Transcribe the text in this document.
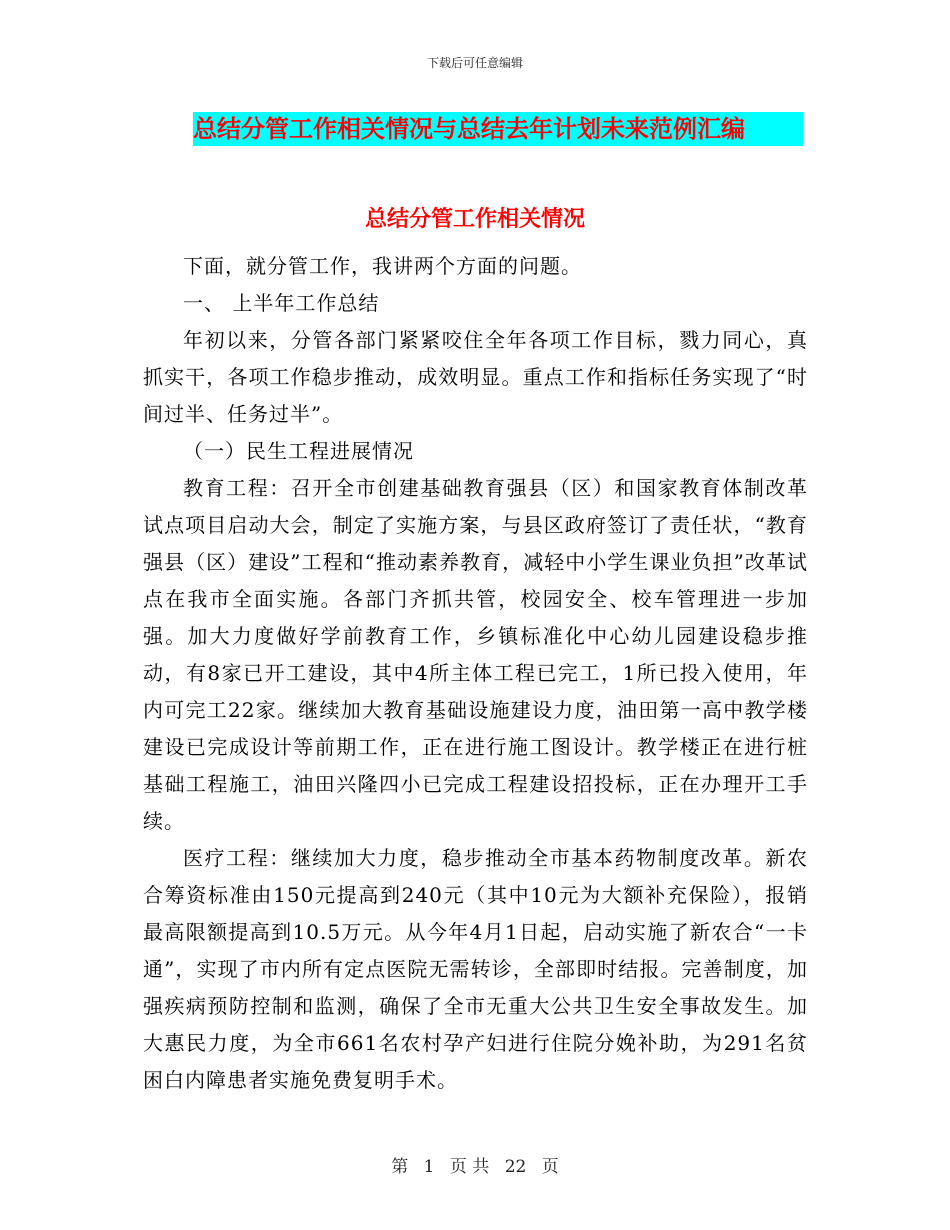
下载后可任意编辑
总结分管工作相关情况与总结去年计划未来范例汇编
总结分管工作相关情况

下面，就分管工作，我讲两个方面的问题。

一、 上半年工作总结

年初以来，分管各部门紧紧咬住全年各项工作目标，戮力同心，真抓实干，各项工作稳步推动，成效明显。重点工作和指标任务实现了“时间过半、任务过半”。

（一）民生工程进展情况

教育工程：召开全市创建基础教育强县（区）和国家教育体制改革试点项目启动大会，制定了实施方案，与县区政府签订了责任状，“教育强县（区）建设”工程和“推动素养教育，减轻中小学生课业负担”改革试点在我市全面实施。各部门齐抓共管，校园安全、校车管理进一步加强。加大力度做好学前教育工作，乡镇标准化中心幼儿园建设稳步推动，有8家已开工建设，其中4所主体工程已完工，1所已投入使用，年内可完工22家。继续加大教育基础设施建设力度，油田第一高中教学楼建设已完成设计等前期工作，正在进行施工图设计。教学楼正在进行桩基础工程施工，油田兴隆四小已完成工程建设招投标，正在办理开工手续。

医疗工程：继续加大力度，稳步推动全市基本药物制度改革。新农合筹资标准由150元提高到240元（其中10元为大额补充保险），报销最高限额提高到10.5万元。从今年4月1日起，启动实施了新农合“一卡通”，实现了市内所有定点医院无需转诊，全部即时结报。完善制度，加强疾病预防控制和监测，确保了全市无重大公共卫生安全事故发生。加大惠民力度，为全市661名农村孕产妇进行住院分娩补助，为291名贫困白内障患者实施免费复明手术。

第 1 页 共 22 页
